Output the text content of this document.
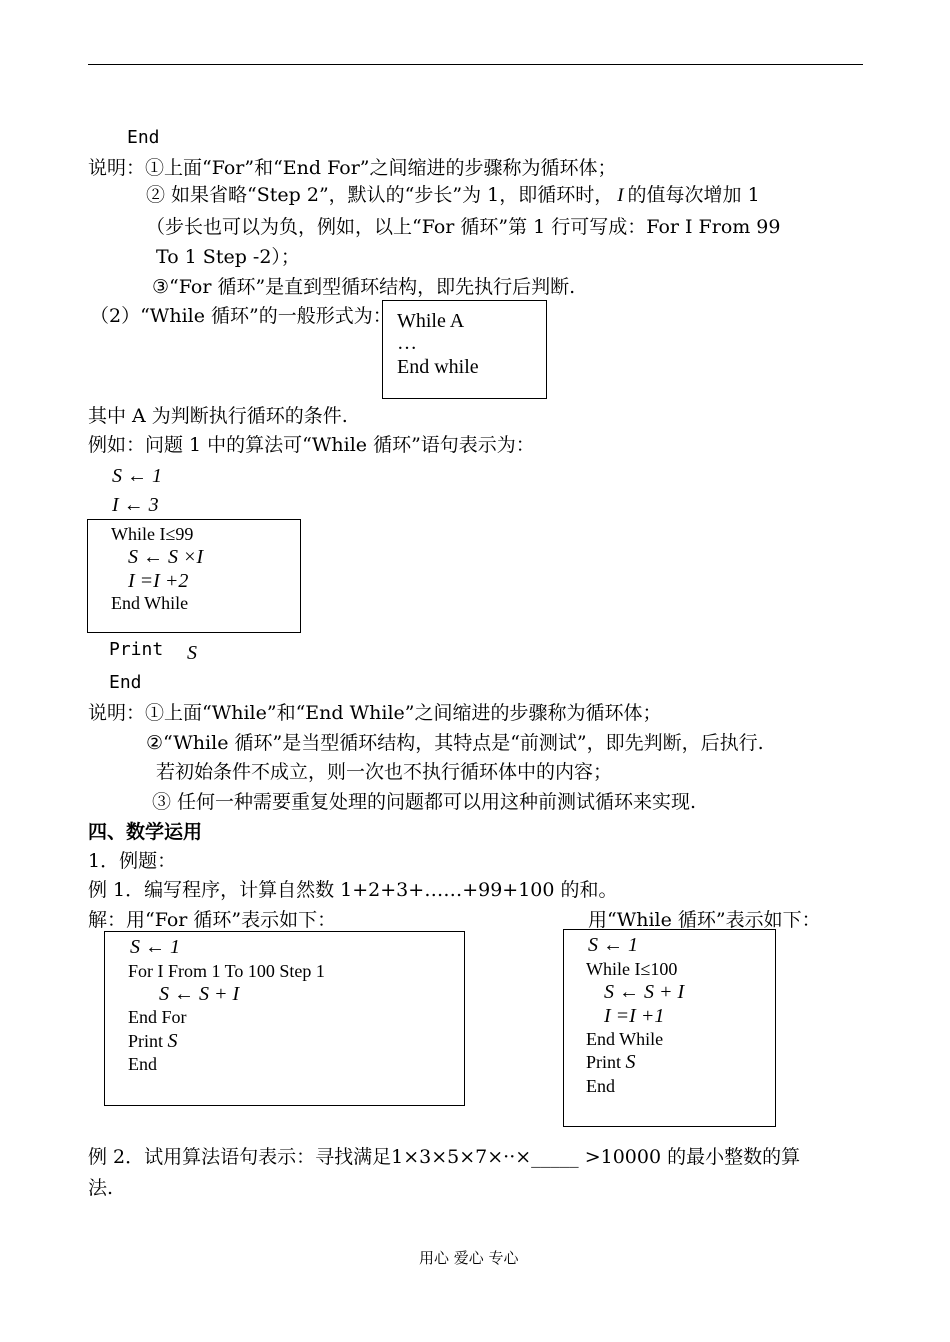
End
说明：①上面“For”和“End For”之间缩进的步骤称为循环体；
② 如果省略“Step 2”，默认的“步长”为 1，即循环时， I 的值每次增加 1
（步长也可以为负，例如，以上“For 循环”第 1 行可写成：For I From 99
To 1 Step -2）；
③“For 循环”是直到型循环结构，即先执行后判断.
（2）“While 循环”的一般形式为： While A
…
End while
其中 A 为判断执行循环的条件.
例如：问题 1 中的算法可“While 循环”语句表示为：
S ← 1
I ← 3
While I≤99
S ← S ×I
I =I +2
End While
Print S
End
说明：①上面“While”和“End While”之间缩进的步骤称为循环体；
②“While 循环”是当型循环结构，其特点是“前测试”，即先判断，后执行.
若初始条件不成立，则一次也不执行循环体中的内容；
③ 任何一种需要重复处理的问题都可以用这种前测试循环来实现.
四、数学运用
1．例题：
例 1．编写程序，计算自然数 1+2+3+……+99+100 的和。
解：用“For 循环”表示如下：	用“While 循环”表示如下：
S ← 1
For I From 1 To 100 Step 1
S ← S + I
End For
Print S
End
S ← 1
While I≤100
S ← S + I
I =I +1
End While
Print S
End
例 2．试用算法语句表示：寻找满足1×3×5×7×··×_____ >10000 的最小整数的算
法.
用心 爱心 专心
